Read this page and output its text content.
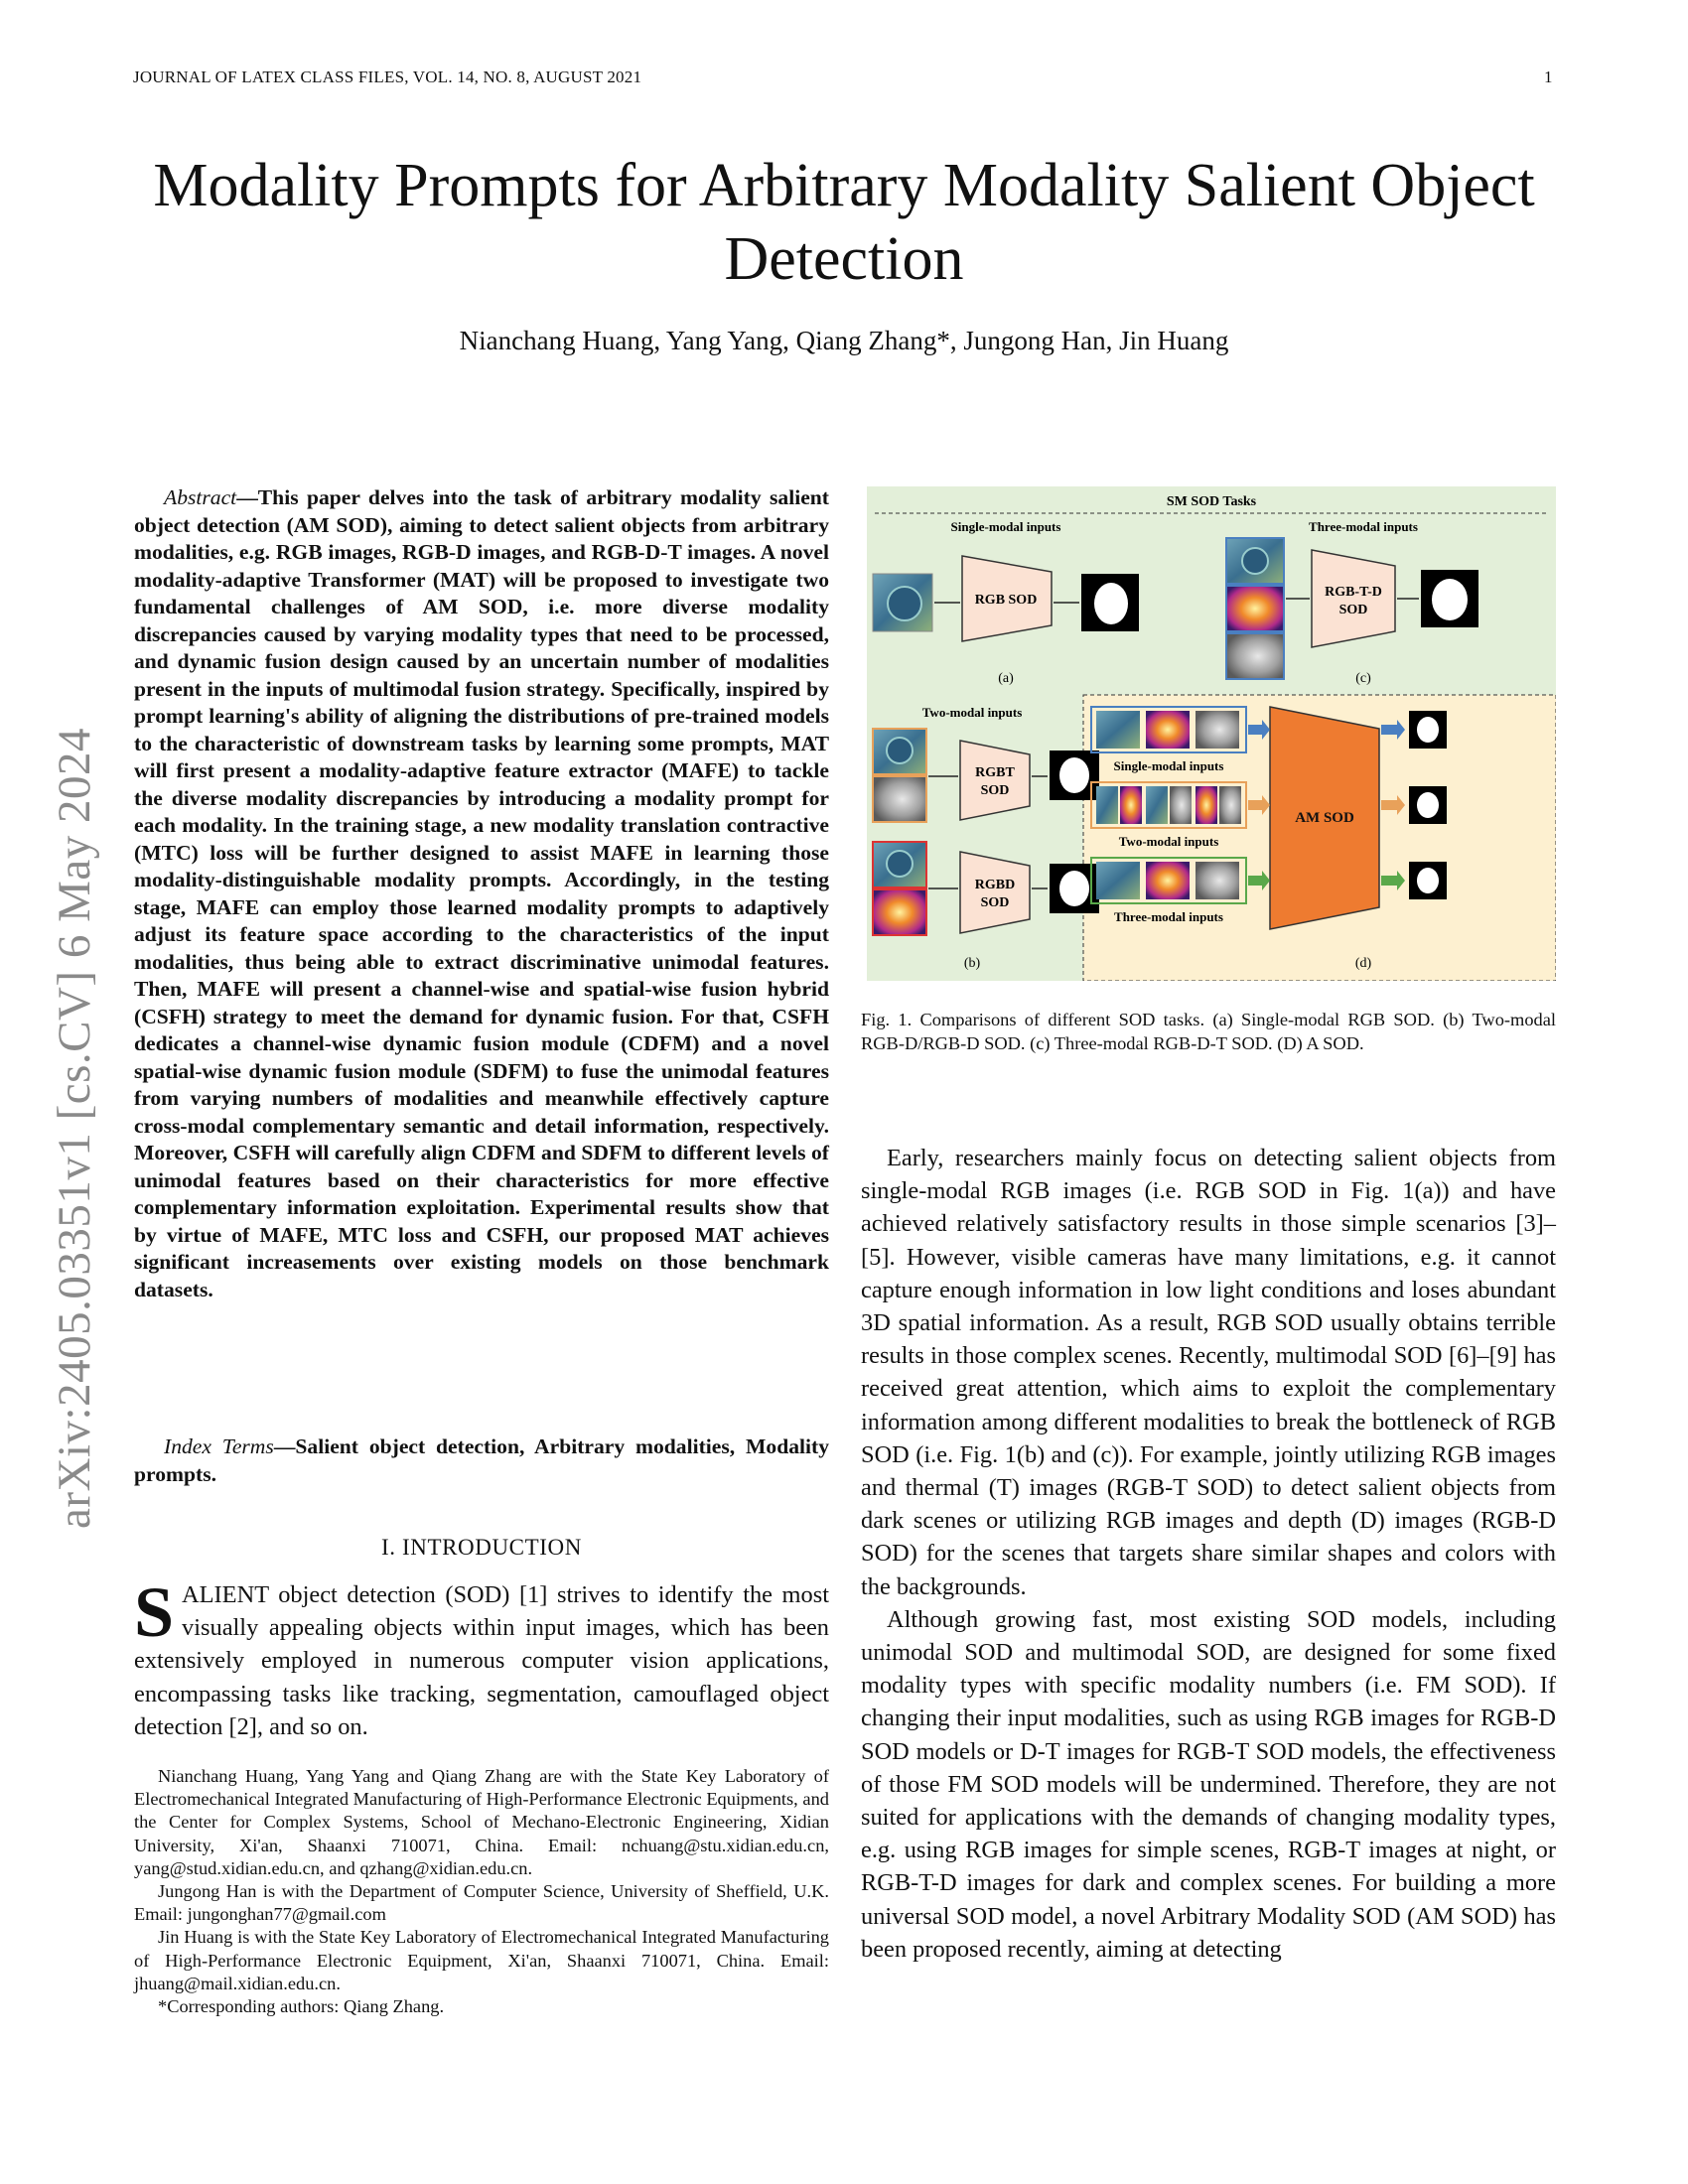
JOURNAL OF LATEX CLASS FILES, VOL. 14, NO. 8, AUGUST 2021	1
Modality Prompts for Arbitrary Modality Salient Object Detection
Nianchang Huang, Yang Yang, Qiang Zhang*, Jungong Han, Jin Huang
arXiv:2405.03351v1 [cs.CV] 6 May 2024
Abstract—This paper delves into the task of arbitrary modality salient object detection (AM SOD), aiming to detect salient objects from arbitrary modalities, e.g. RGB images, RGB-D images, and RGB-D-T images. A novel modality-adaptive Transformer (MAT) will be proposed to investigate two fundamental challenges of AM SOD, i.e. more diverse modality discrepancies caused by varying modality types that need to be processed, and dynamic fusion design caused by an uncertain number of modalities present in the inputs of multimodal fusion strategy. Specifically, inspired by prompt learning's ability of aligning the distributions of pre-trained models to the characteristic of downstream tasks by learning some prompts, MAT will first present a modality-adaptive feature extractor (MAFE) to tackle the diverse modality discrepancies by introducing a modality prompt for each modality. In the training stage, a new modality translation contractive (MTC) loss will be further designed to assist MAFE in learning those modality-distinguishable modality prompts. Accordingly, in the testing stage, MAFE can employ those learned modality prompts to adaptively adjust its feature space according to the characteristics of the input modalities, thus being able to extract discriminative unimodal features. Then, MAFE will present a channel-wise and spatial-wise fusion hybrid (CSFH) strategy to meet the demand for dynamic fusion. For that, CSFH dedicates a channel-wise dynamic fusion module (CDFM) and a novel spatial-wise dynamic fusion module (SDFM) to fuse the unimodal features from varying numbers of modalities and meanwhile effectively capture cross-modal complementary semantic and detail information, respectively. Moreover, CSFH will carefully align CDFM and SDFM to different levels of unimodal features based on their characteristics for more effective complementary information exploitation. Experimental results show that by virtue of MAFE, MTC loss and CSFH, our proposed MAT achieves significant increasements over existing models on those benchmark datasets.
Index Terms—Salient object detection, Arbitrary modalities, Modality prompts.
I. INTRODUCTION
SALIENT object detection (SOD) [1] strives to identify the most visually appealing objects within input images, which has been extensively employed in numerous computer vision applications, encompassing tasks like tracking, segmentation, camouflaged object detection [2], and so on.

Nianchang Huang, Yang Yang and Qiang Zhang are with the State Key Laboratory of Electromechanical Integrated Manufacturing of High-Performance Electronic Equipments, and the Center for Complex Systems, School of Mechano-Electronic Engineering, Xidian University, Xi'an, Shaanxi 710071, China. Email: nchuang@stu.xidian.edu.cn, yang@stud.xidian.edu.cn, and qzhang@xidian.edu.cn.

Jungong Han is with the Department of Computer Science, University of Sheffield, U.K. Email: jungonghan77@gmail.com

Jin Huang is with the State Key Laboratory of Electromechanical Integrated Manufacturing of High-Performance Electronic Equipment, Xi'an, Shaanxi 710071, China. Email: jhuang@mail.xidian.edu.cn.

*Corresponding authors: Qiang Zhang.

SM SOD Tasks
Single-modal inputs	Three-modal inputs
RGB SOD
(a)
RGB-T-D
SOD
(c)
Two-modal inputs
RGBT
SOD
RGBD
SOD
(b)
Single-modal inputs
Two-modal inputs
Three-modal inputs
AM SOD
(d)
Fig. 1. Comparisons of different SOD tasks. (a) Single-modal RGB SOD. (b) Two-modal RGB-D/RGB-D SOD. (c) Three-modal RGB-D-T SOD. (D) A SOD.

Early, researchers mainly focus on detecting salient objects from single-modal RGB images (i.e. RGB SOD in Fig. 1(a)) and have achieved relatively satisfactory results in those simple scenarios [3]–[5]. However, visible cameras have many limitations, e.g. it cannot capture enough information in low light conditions and loses abundant 3D spatial information. As a result, RGB SOD usually obtains terrible results in those complex scenes. Recently, multimodal SOD [6]–[9] has received great attention, which aims to exploit the complementary information among different modalities to break the bottleneck of RGB SOD (i.e. Fig. 1(b) and (c)). For example, jointly utilizing RGB images and thermal (T) images (RGB-T SOD) to detect salient objects from dark scenes or utilizing RGB images and depth (D) images (RGB-D SOD) for the scenes that targets share similar shapes and colors with the backgrounds.

Although growing fast, most existing SOD models, including unimodal SOD and multimodal SOD, are designed for some fixed modality types with specific modality numbers (i.e. FM SOD). If changing their input modalities, such as using RGB images for RGB-D SOD models or D-T images for RGB-T SOD models, the effectiveness of those FM SOD models will be undermined. Therefore, they are not suited for applications with the demands of changing modality types, e.g. using RGB images for simple scenes, RGB-T images at night, or RGB-T-D images for dark and complex scenes. For building a more universal SOD model, a novel Arbitrary Modality SOD (AM SOD) has been proposed recently, aiming at detecting
